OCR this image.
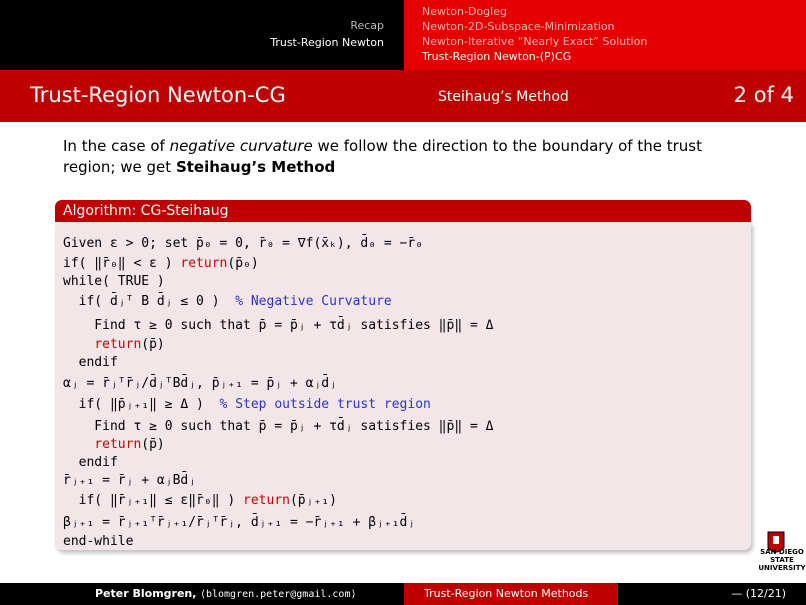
Recap
Trust-Region Newton
Newton-Dogleg
Newton-2D-Subspace-Minimization
Newton-Iterative “Nearly Exact” Solution
Trust-Region Newton-(P)CG
Trust-Region Newton-CG	Steihaug’s Method	2 of 4
In the case of negative curvature we follow the direction to the boundary of the trust region; we get Steihaug’s Method
Algorithm: CG-Steihaug
Given ε > 0; set p̄₀ = 0, r̄₀ = ∇f(x̄ₖ), d̄₀ = −r̄₀
if( ‖r̄₀‖ < ε ) return(p̄₀)
while( TRUE )
if( d̄ⱼᵀ B d̄ⱼ ≤ 0 )  % Negative Curvature
Find τ ≥ 0 such that p̄ = p̄ⱼ + τd̄ⱼ satisfies ‖p̄‖ = Δ
return(p̄)
endif
αⱼ = r̄ⱼᵀr̄ⱼ/d̄ⱼᵀBd̄ⱼ, p̄ⱼ₊₁ = p̄ⱼ + αⱼd̄ⱼ
if( ‖p̄ⱼ₊₁‖ ≥ Δ )  % Step outside trust region
Find τ ≥ 0 such that p̄ = p̄ⱼ + τd̄ⱼ satisfies ‖p̄‖ = Δ
return(p̄)
endif
r̄ⱼ₊₁ = r̄ⱼ + αⱼBd̄ⱼ
if( ‖r̄ⱼ₊₁‖ ≤ ε‖r̄₀‖ ) return(p̄ⱼ₊₁)
βⱼ₊₁ = r̄ⱼ₊₁ᵀr̄ⱼ₊₁/r̄ⱼᵀr̄ⱼ, d̄ⱼ₊₁ = −r̄ⱼ₊₁ + βⱼ₊₁d̄ⱼ
end-while
SAN DIEGO STATE UNIVERSITY
Peter Blomgren, ⟨blomgren.peter@gmail.com⟩	Trust-Region Newton Methods	— (12/21)
